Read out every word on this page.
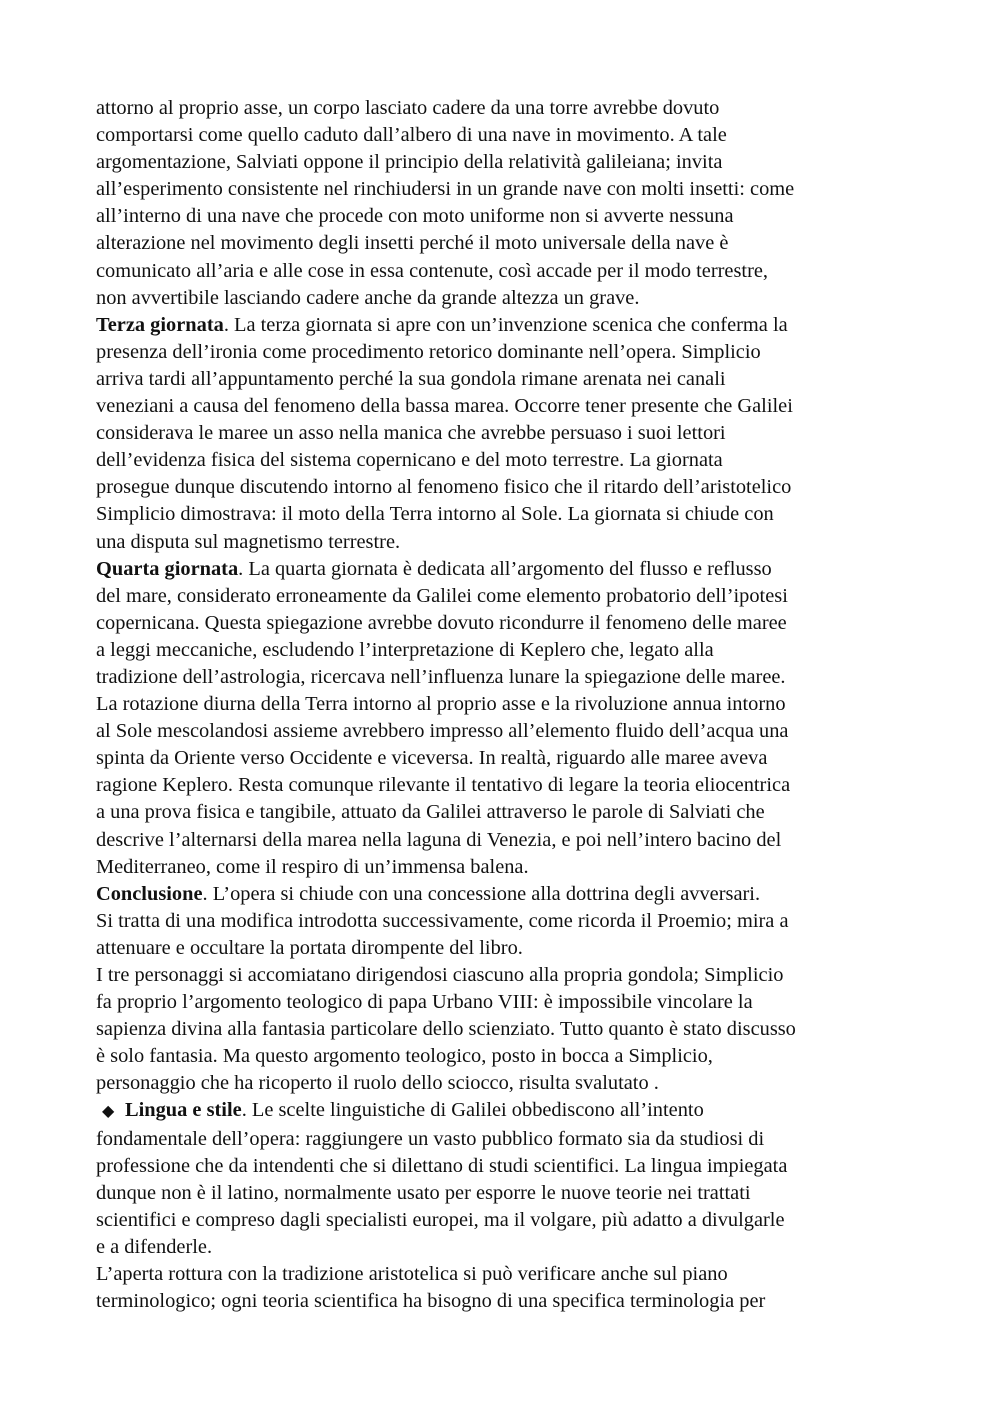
attorno al proprio asse, un corpo lasciato cadere da una torre avrebbe dovuto
comportarsi come quello caduto dall’albero di una nave in movimento. A tale
argomentazione, Salviati oppone il principio della relatività galileiana; invita
all’esperimento consistente nel rinchiudersi in un grande nave con molti insetti: come
all’interno di una nave che procede con moto uniforme non si avverte nessuna
alterazione nel movimento degli insetti perché il moto universale della nave è
comunicato all’aria e alle cose in essa contenute, così accade per il modo terrestre,
non avvertibile lasciando cadere anche da grande altezza un grave.

Terza giornata. La terza giornata si apre con un’invenzione scenica che conferma la
presenza dell’ironia come procedimento retorico dominante nell’opera. Simplicio
arriva tardi all’appuntamento perché la sua gondola rimane arenata nei canali
veneziani a causa del fenomeno della bassa marea. Occorre tener presente che Galilei
considerava le maree un asso nella manica che avrebbe persuaso i suoi lettori
dell’evidenza fisica del sistema copernicano e del moto terrestre. La giornata
prosegue dunque discutendo intorno al fenomeno fisico che il ritardo dell’aristotelico
Simplicio dimostrava: il moto della Terra intorno al Sole. La giornata si chiude con
una disputa sul magnetismo terrestre.

Quarta giornata. La quarta giornata è dedicata all’argomento del flusso e reflusso
del mare, considerato erroneamente da Galilei come elemento probatorio dell’ipotesi
copernicana. Questa spiegazione avrebbe dovuto ricondurre il fenomeno delle maree
a leggi meccaniche, escludendo l’interpretazione di Keplero che, legato alla
tradizione dell’astrologia, ricercava nell’influenza lunare la spiegazione delle maree.
La rotazione diurna della Terra intorno al proprio asse e la rivoluzione annua intorno
al Sole mescolandosi assieme avrebbero impresso all’elemento fluido dell’acqua una
spinta da Oriente verso Occidente e viceversa. In realtà, riguardo alle maree aveva
ragione Keplero. Resta comunque rilevante il tentativo di legare la teoria eliocentrica
a una prova fisica e tangibile, attuato da Galilei attraverso le parole di Salviati che
descrive l’alternarsi della marea nella laguna di Venezia, e poi nell’intero bacino del
Mediterraneo, come il respiro di un’immensa balena.

Conclusione. L’opera si chiude con una concessione alla dottrina degli avversari.
Si tratta di una modifica introdotta successivamente, come ricorda il Proemio; mira a
attenuare e occultare la portata dirompente del libro.

I tre personaggi si accomiatano dirigendosi ciascuno alla propria gondola; Simplicio
fa proprio l’argomento teologico di papa Urbano VIII: è impossibile vincolare la
sapienza divina alla fantasia particolare dello scienziato. Tutto quanto è stato discusso
è solo fantasia. Ma questo argomento teologico, posto in bocca a Simplicio,
personaggio che ha ricoperto il ruolo dello sciocco, risulta svalutato .

◆ Lingua e stile. Le scelte linguistiche di Galilei obbediscono all’intento
fondamentale dell’opera: raggiungere un vasto pubblico formato sia da studiosi di
professione che da intendenti che si dilettano di studi scientifici. La lingua impiegata
dunque non è il latino, normalmente usato per esporre le nuove teorie nei trattati
scientifici e compreso dagli specialisti europei, ma il volgare, più adatto a divulgarle
e a difenderle.

L’aperta rottura con la tradizione aristotelica si può verificare anche sul piano
terminologico; ogni teoria scientifica ha bisogno di una specifica terminologia per
